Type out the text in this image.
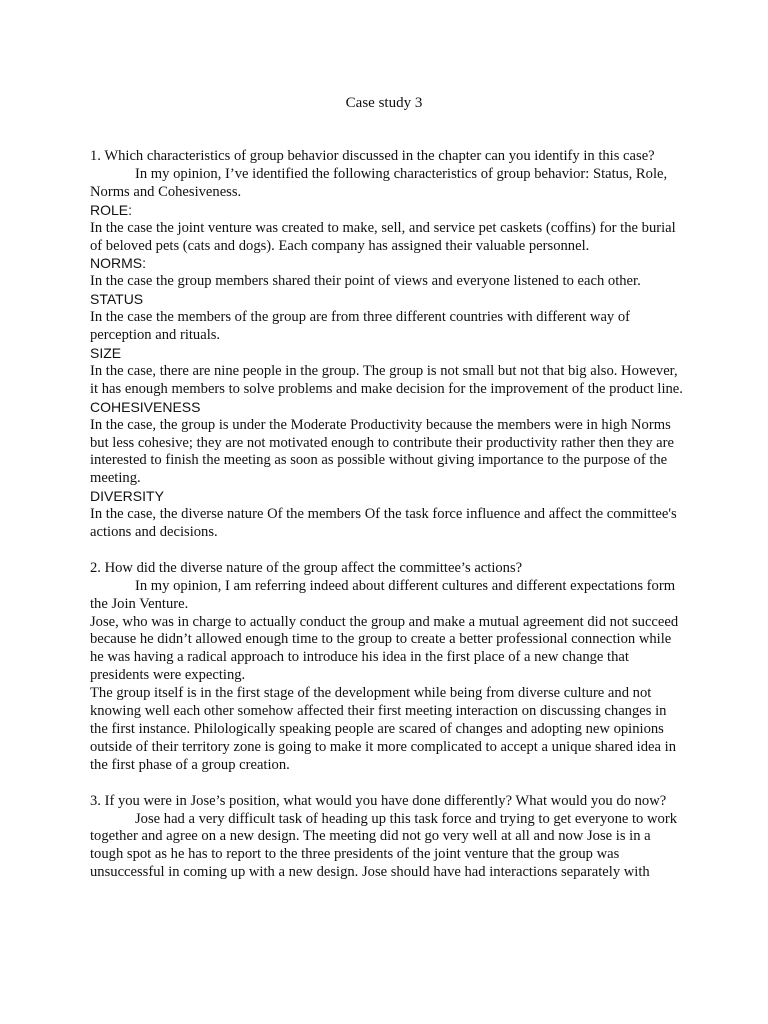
Case study 3

1. Which characteristics of group behavior discussed in the chapter can you identify in this case?

In my opinion, I’ve identified the following characteristics of group behavior: Status, Role, Norms and Cohesiveness.

ROLE:

In the case the joint venture was created to make, sell, and service pet caskets (coffins) for the burial of beloved pets (cats and dogs). Each company has assigned their valuable personnel.

NORMS:

In the case the group members shared their point of views and everyone listened to each other.

STATUS

In the case the members of the group are from three different countries with different way of perception and rituals.

SIZE

In the case, there are nine people in the group. The group is not small but not that big also. However, it has enough members to solve problems and make decision for the improvement of the product line.

COHESIVENESS

In the case, the group is under the Moderate Productivity because the members were in high Norms but less cohesive; they are not motivated enough to contribute their productivity rather then they are interested to finish the meeting as soon as possible without giving importance to the purpose of the meeting.

DIVERSITY

In the case, the diverse nature Of the members Of the task force influence and affect the committee's actions and decisions.

2. How did the diverse nature of the group affect the committee’s actions?

In my opinion, I am referring indeed about different cultures and different expectations form the Join Venture.

Jose, who was in charge to actually conduct the group and make a mutual agreement did not succeed because he didn’t allowed enough time to the group to create a better professional connection while he was having a radical approach to introduce his idea in the first place of a new change that presidents were expecting.

The group itself is in the first stage of the development while being from diverse culture and not knowing well each other somehow affected their first meeting interaction on discussing changes in the first instance. Philologically speaking people are scared of changes and adopting new opinions outside of their territory zone is going to make it more complicated to accept a unique shared idea in the first phase of a group creation.

3. If you were in Jose’s position, what would you have done differently? What would you do now?

Jose had a very difficult task of heading up this task force and trying to get everyone to work together and agree on a new design. The meeting did not go very well at all and now Jose is in a tough spot as he has to report to the three presidents of the joint venture that the group was unsuccessful in coming up with a new design. Jose should have had interactions separately with
